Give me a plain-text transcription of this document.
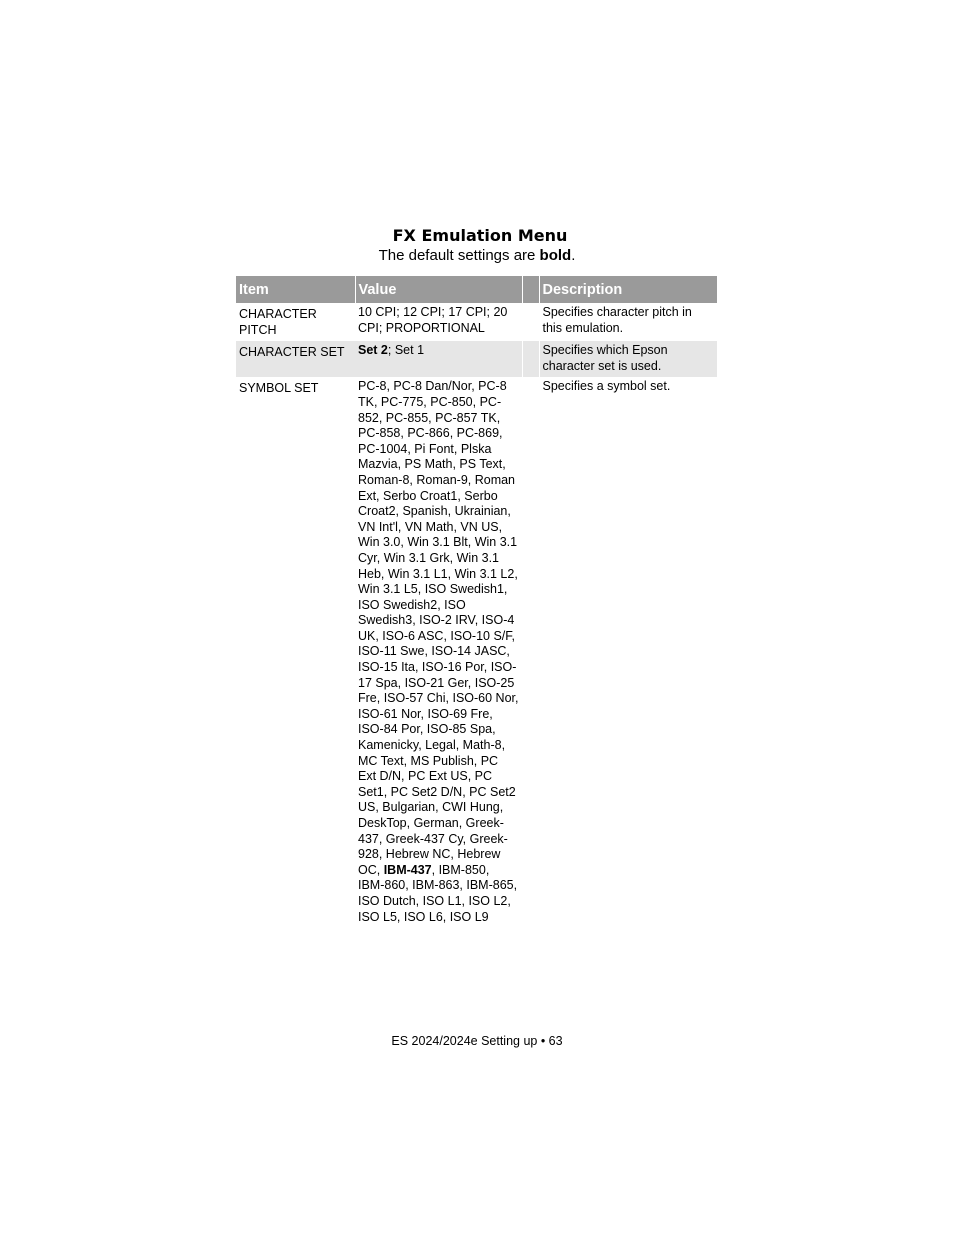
FX Emulation Menu
The default settings are bold.
Item	Value		Description
CHARACTER PITCH	10 CPI; 12 CPI; 17 CPI; 20 CPI; PROPORTIONAL		Specifies character pitch in this emulation.
CHARACTER SET	Set 2; Set 1		Specifies which Epson character set is used.
SYMBOL SET	PC-8, PC-8 Dan/Nor, PC-8 TK, PC-775, PC-850, PC-852, PC-855, PC-857 TK, PC-858, PC-866, PC-869, PC-1004, Pi Font, Plska Mazvia, PS Math, PS Text, Roman-8, Roman-9, Roman Ext, Serbo Croat1, Serbo Croat2, Spanish, Ukrainian, VN Int'l, VN Math, VN US, Win 3.0, Win 3.1 Blt, Win 3.1 Cyr, Win 3.1 Grk, Win 3.1 Heb, Win 3.1 L1, Win 3.1 L2, Win 3.1 L5, ISO Swedish1, ISO Swedish2, ISO Swedish3, ISO-2 IRV, ISO-4 UK, ISO-6 ASC, ISO-10 S/F, ISO-11 Swe, ISO-14 JASC, ISO-15 Ita, ISO-16 Por, ISO-17 Spa, ISO-21 Ger, ISO-25 Fre, ISO-57 Chi, ISO-60 Nor, ISO-61 Nor, ISO-69 Fre, ISO-84 Por, ISO-85 Spa, Kamenicky, Legal, Math-8, MC Text, MS Publish, PC Ext D/N, PC Ext US, PC Set1, PC Set2 D/N, PC Set2 US, Bulgarian, CWI Hung, DeskTop, German, Greek-437, Greek-437 Cy, Greek-928, Hebrew NC, Hebrew OC, IBM-437, IBM-850, IBM-860, IBM-863, IBM-865, ISO Dutch, ISO L1, ISO L2, ISO L5, ISO L6, ISO L9		Specifies a symbol set.
ES 2024/2024e Setting up • 63
